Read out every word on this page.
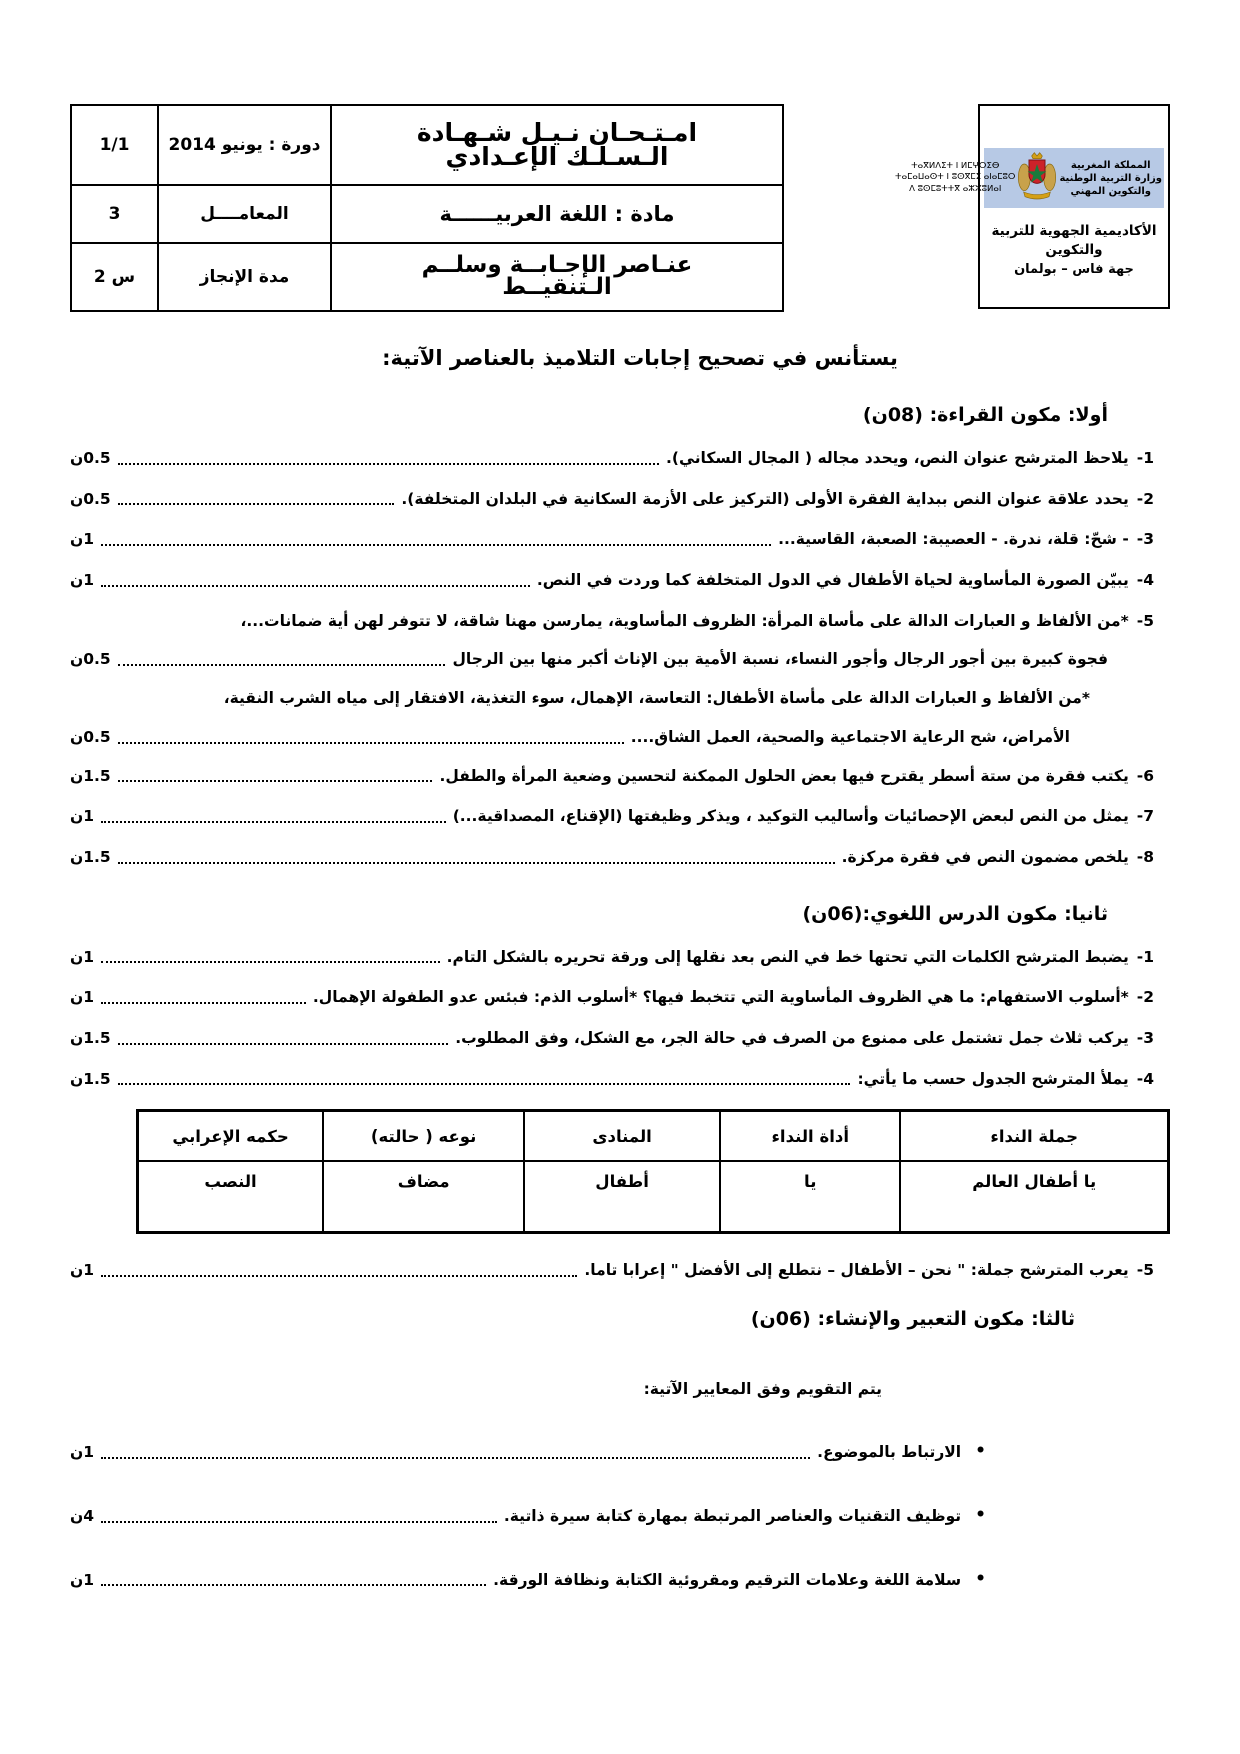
المملكة المغربية
وزارة التربية الوطنية
والتكوين المهني
ⵜⴰⴳⵍⴷⵉⵜ ⵏ ⵍⵎⵖⵔⵉⴱ
ⵜⴰⵎⴰⵡⴰⵙⵜ ⵏ ⵓⵙⴳⵎⵉ ⴰⵏⴰⵎⵓⵔ
ⴷ ⵓⵙⵎⵓⵜⵜⴳ ⴰⵣⵣⵓⵍⴰⵏ
الأكاديمية الجهوية للتربية والتكوين
جهة فاس – بولمان
امـتـحـان نـيـل شـهـادة
الـسـلـك الإعـدادي	دورة : يونيو 2014	1/1
مادة : اللغة العربيــــــة	المعامــــل	3

عنـاصر الإجـابــة وسلــم
الـتنقيــط	مدة الإنجاز	2 س
يستأنس في تصحيح إجابات التلاميذ بالعناصر الآتية:
أولا: مكون القراءة: (08ن)
1-
يلاحظ المترشح عنوان النص، ويحدد مجاله ( المجال السكاني).
0.5ن
2-
يحدد علاقة عنوان النص ببداية الفقرة الأولى (التركيز على الأزمة السكانية في البلدان المتخلفة).
0.5ن
3-
- شحّ: قلة، ندرة. - العصيبة: الصعبة، القاسية...
1ن
4-
يبيّن الصورة المأساوية لحياة الأطفال في الدول المتخلفة كما وردت في النص.
1ن
5-
*من الألفاظ و العبارات الدالة على مأساة المرأة: الظروف المأساوية، يمارسن مهنا شاقة، لا تتوفر لهن أية ضمانات...،
فجوة كبيرة بين أجور الرجال وأجور النساء، نسبة الأمية بين الإناث أكبر منها بين الرجال
0.5ن
*من الألفاظ و العبارات الدالة على مأساة الأطفال: التعاسة، الإهمال، سوء التغذية، الافتقار إلى مياه الشرب النقية،
الأمراض، شح الرعاية الاجتماعية والصحية، العمل الشاق....
0.5ن
6-
يكتب فقرة من ستة أسطر يقترح فيها بعض الحلول الممكنة لتحسين وضعية المرأة والطفل.
1.5ن
7-
يمثل من النص لبعض الإحصائيات وأساليب التوكيد ، ويذكر وظيفتها (الإقناع، المصداقية...)
1ن
8-
يلخص مضمون النص في فقرة مركزة.
1.5ن
ثانيا: مكون الدرس اللغوي:(06ن)
1-
يضبط المترشح الكلمات التي تحتها خط في النص بعد نقلها إلى ورقة تحريره بالشكل التام.
1ن
2-
*أسلوب الاستفهام: ما هي الظروف المأساوية التي تتخبط فيها؟ *أسلوب الذم: فبئس عدو الطفولة الإهمال.
1ن
3-
يركب ثلاث جمل تشتمل على ممنوع من الصرف في حالة الجر، مع الشكل، وفق المطلوب.
1.5ن
4-
يملأ المترشح الجدول حسب ما يأتي:
1.5ن
جملة النداء	أداة النداء	المنادى	نوعه ( حالته)	حكمه الإعرابي
يا أطفال العالم	يا	أطفال	مضاف	النصب
5-
يعرب المترشح جملة: " نحن – الأطفال – نتطلع إلى الأفضل " إعرابا تاما.
1ن
ثالثا: مكون التعبير والإنشاء: (06ن)
يتم التقويم وفق المعايير الآتية:
•
الارتباط بالموضوع.
1ن
•
توظيف التقنيات والعناصر المرتبطة بمهارة كتابة سيرة ذاتية.
4ن
•
سلامة اللغة وعلامات الترقيم ومقروئية الكتابة ونظافة الورقة.
1ن
